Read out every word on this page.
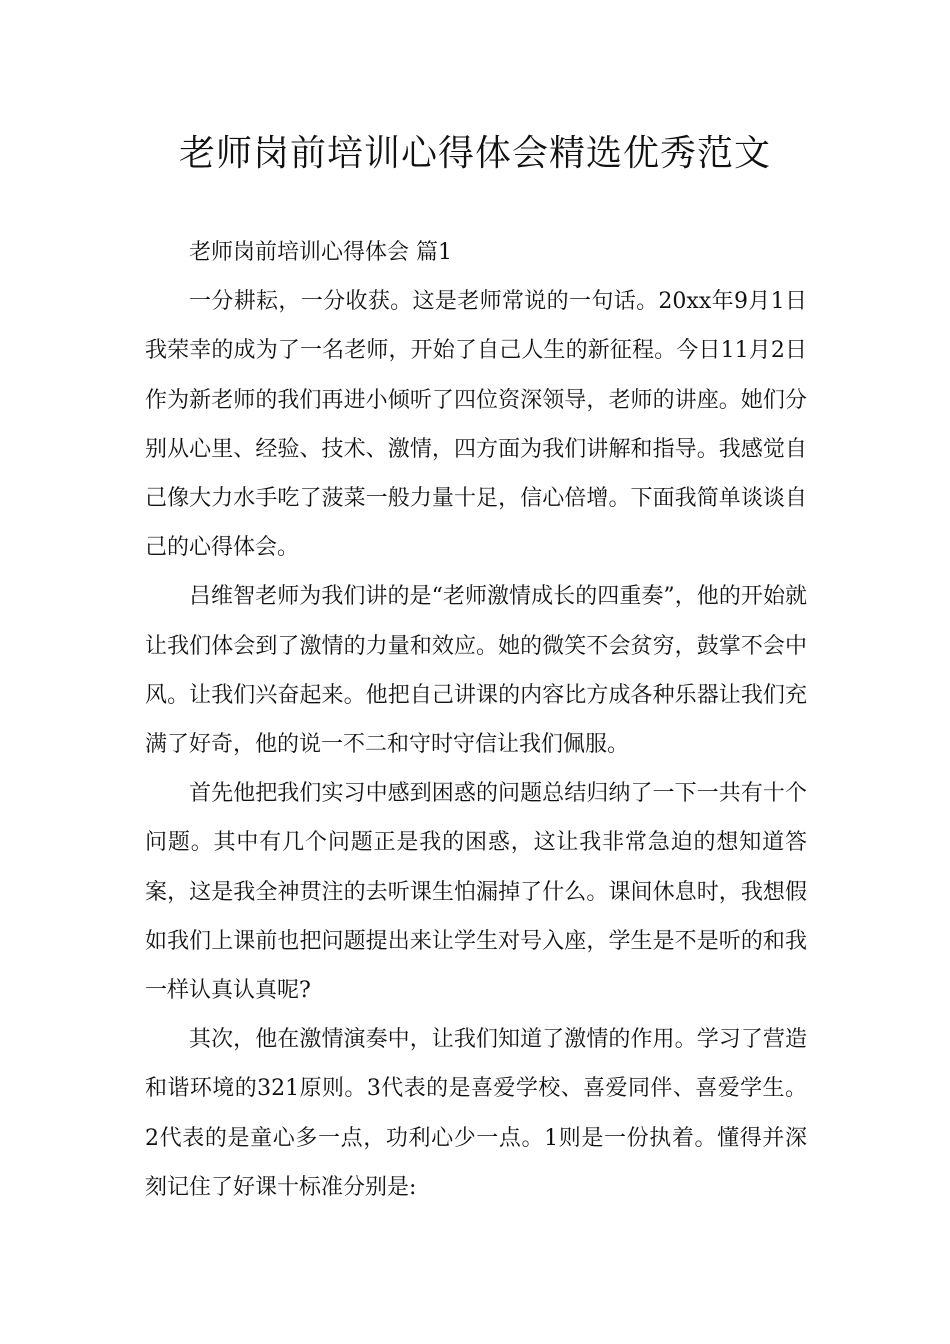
老师岗前培训心得体会精选优秀范文

老师岗前培训心得体会 篇1

一分耕耘，一分收获。这是老师常说的一句话。20xx年9月1日我荣幸的成为了一名老师，开始了自己人生的新征程。今日11月2日作为新老师的我们再进小倾听了四位资深领导，老师的讲座。她们分别从心里、经验、技术、激情，四方面为我们讲解和指导。我感觉自己像大力水手吃了菠菜一般力量十足，信心倍增。下面我简单谈谈自己的心得体会。

吕维智老师为我们讲的是“老师激情成长的四重奏”，他的开始就让我们体会到了激情的力量和效应。她的微笑不会贫穷，鼓掌不会中风。让我们兴奋起来。他把自己讲课的内容比方成各种乐器让我们充满了好奇，他的说一不二和守时守信让我们佩服。

首先他把我们实习中感到困惑的问题总结归纳了一下一共有十个问题。其中有几个问题正是我的困惑，这让我非常急迫的想知道答案，这是我全神贯注的去听课生怕漏掉了什么。课间休息时，我想假如我们上课前也把问题提出来让学生对号入座，学生是不是听的和我一样认真认真呢?

其次，他在激情演奏中，让我们知道了激情的作用。学习了营造和谐环境的321原则。3代表的是喜爱学校、喜爱同伴、喜爱学生。2代表的是童心多一点，功利心少一点。1则是一份执着。懂得并深刻记住了好课十标准分别是:
